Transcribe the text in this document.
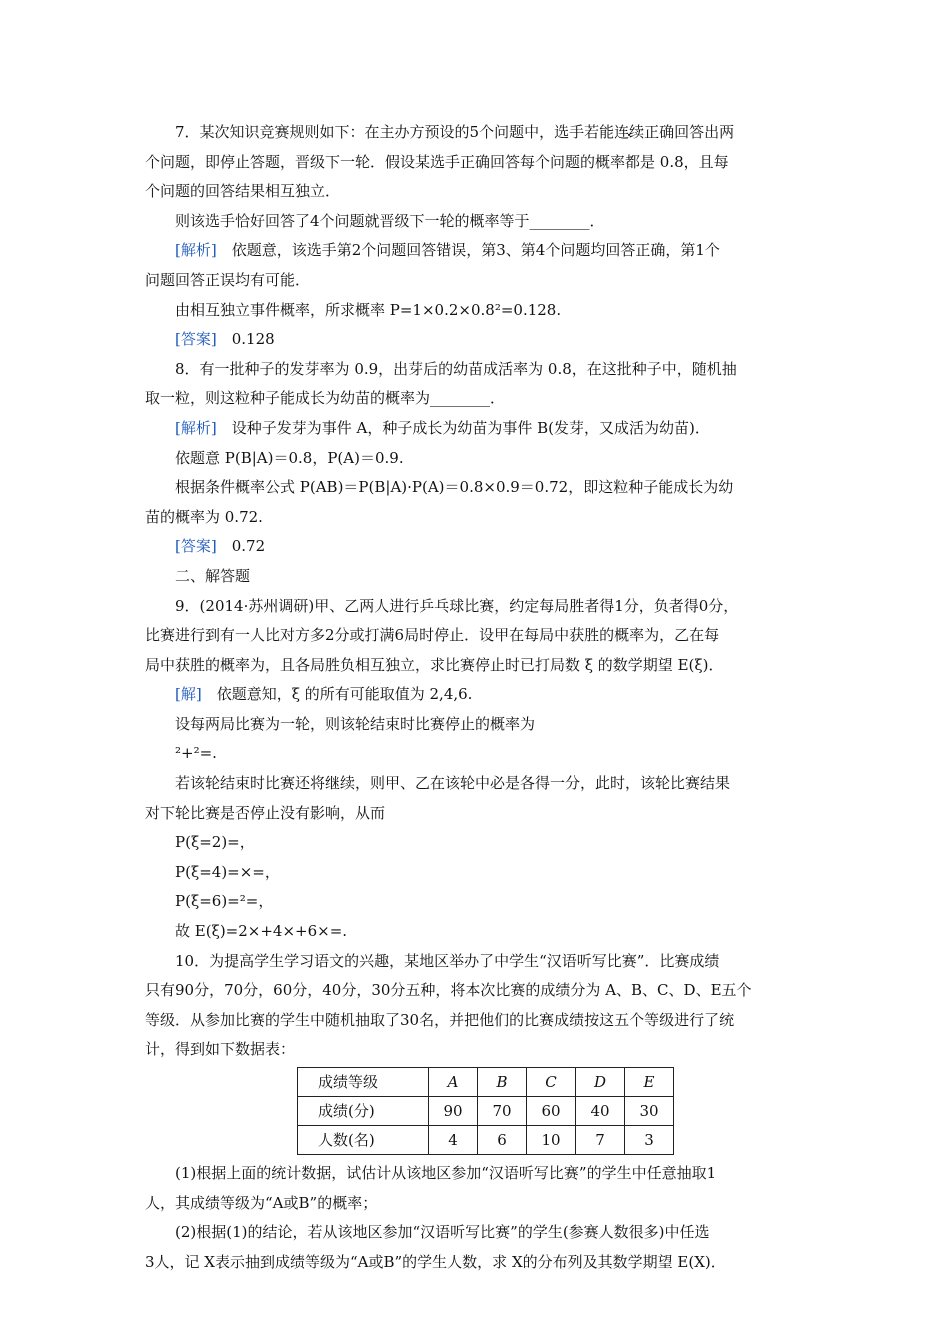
7．某次知识竞赛规则如下：在主办方预设的5个问题中，选手若能连续 ·正确回答出两

个问题，即停止答题，晋级下一轮．假设某选手正确回答每个问题的概率都是 0.8，且每

个问题的回答结果相互独立．

则该选手恰好回答了4个问题就晋级下一轮的概率等于________．

[解析]　依题意，该选手第2个问题回答错误，第3、第4个问题均回答正确，第1个

问题回答正误均有可能．

由相互独立事件概率，所求概率 P=1×0.2×0.8²=0.128.

[答案]　0.128

8．有一批种子的发芽率为 0.9，出芽后的幼苗成活率为 0.8，在这批种子中，随机抽

取一粒，则这粒种子能成长为幼苗的概率为________．

[解析]　设种子发芽为事件 A，种子成长为幼苗为事件 B(发芽，又成活为幼苗)．

依题意 P(B|A)＝0.8，P(A)＝0.9.

根据条件概率公式 P(AB)＝P(B|A)·P(A)＝0.8×0.9＝0.72，即这粒种子能成长为幼

苗的概率为 0.72.

[答案]　0.72

二、解答题

9．(2014·苏州调研)甲、乙两人进行乒乓球比赛，约定每局胜者得1分，负者得0分，

比赛进行到有一人比对方多2分或打满6局时停止．设甲在每局中获胜的概率为，乙在每

局中获胜的概率为，且各局胜负相互独立，求比赛停止时已打局数 ξ 的数学期望 E(ξ)．

[解]　依题意知，ξ 的所有可能取值为 2,4,6.

设每两局比赛为一轮，则该轮结束时比赛停止的概率为

²+²=.

若该轮结束时比赛还将继续，则甲、乙在该轮中必是各得一分，此时，该轮比赛结果

对下轮比赛是否停止没有影响，从而

P(ξ=2)=，

P(ξ=4)=×=，

P(ξ=6)=²=，

故 E(ξ)=2×+4×+6×=.

10．为提高学生学习语文的兴趣，某地区举办了中学生“汉语听写比赛”．比赛成绩

只有90分，70分，60分，40分，30分五种，将本次比赛的成绩分为 A、B、C、D、E五个

等级．从参加比赛的学生中随机抽取了30名，并把他们的比赛成绩按这五个等级进行了统

计，得到如下数据表：

成绩等级	A	B	C	D	E
成绩(分)	90	70	60	40	30
人数(名)	4	6	10	7	3

(1)根据上面的统计数据，试估计从该地区参加“汉语听写比赛”的学生中任意抽取1

人，其成绩等级为“A或B”的概率；

(2)根据(1)的结论，若从该地区参加“汉语听写比赛”的学生(参赛人数很多)中任选

3人，记 X表示抽到成绩等级为“A或B”的学生人数，求 X的分布列及其数学期望 E(X)．
